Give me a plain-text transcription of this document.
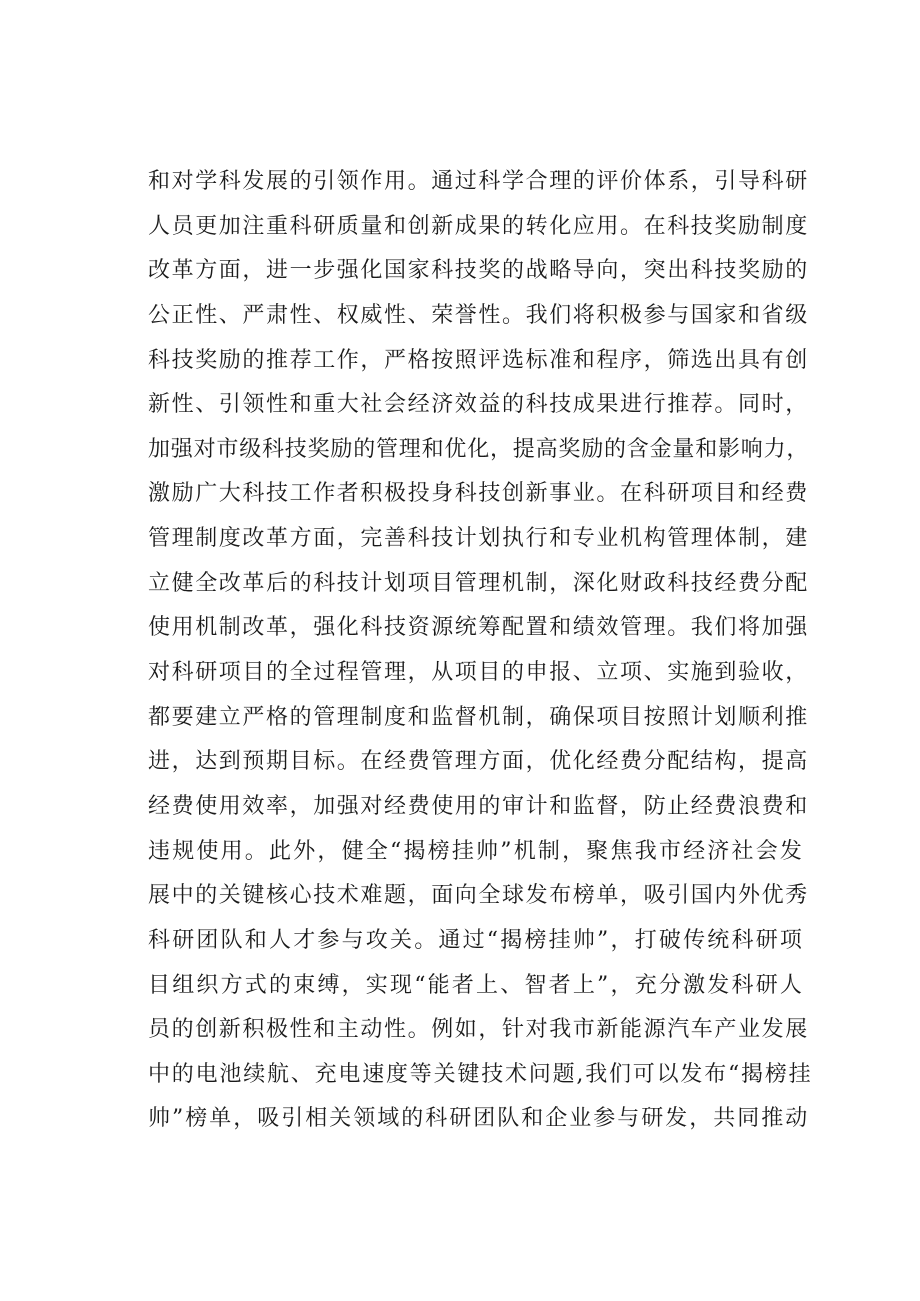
和对学科发展的引领作用。通过科学合理的评价体系，引导科研
人员更加注重科研质量和创新成果的转化应用。在科技奖励制度
改革方面，进一步强化国家科技奖的战略导向，突出科技奖励的
公正性、严肃性、权威性、荣誉性。我们将积极参与国家和省级
科技奖励的推荐工作，严格按照评选标准和程序，筛选出具有创
新性、引领性和重大社会经济效益的科技成果进行推荐。同时，
加强对市级科技奖励的管理和优化，提高奖励的含金量和影响力，
激励广大科技工作者积极投身科技创新事业。在科研项目和经费
管理制度改革方面，完善科技计划执行和专业机构管理体制，建
立健全改革后的科技计划项目管理机制，深化财政科技经费分配
使用机制改革，强化科技资源统筹配置和绩效管理。我们将加强
对科研项目的全过程管理，从项目的申报、立项、实施到验收，
都要建立严格的管理制度和监督机制，确保项目按照计划顺利推
进，达到预期目标。在经费管理方面，优化经费分配结构，提高
经费使用效率，加强对经费使用的审计和监督，防止经费浪费和
违规使用。此外，健全“揭榜挂帅”机制，聚焦我市经济社会发
展中的关键核心技术难题，面向全球发布榜单，吸引国内外优秀
科研团队和人才参与攻关。通过“揭榜挂帅”，打破传统科研项
目组织方式的束缚，实现“能者上、智者上”，充分激发科研人
员的创新积极性和主动性。例如，针对我市新能源汽车产业发展
中的电池续航、充电速度等关键技术问题,我们可以发布“揭榜挂
帅”榜单，吸引相关领域的科研团队和企业参与研发，共同推动
